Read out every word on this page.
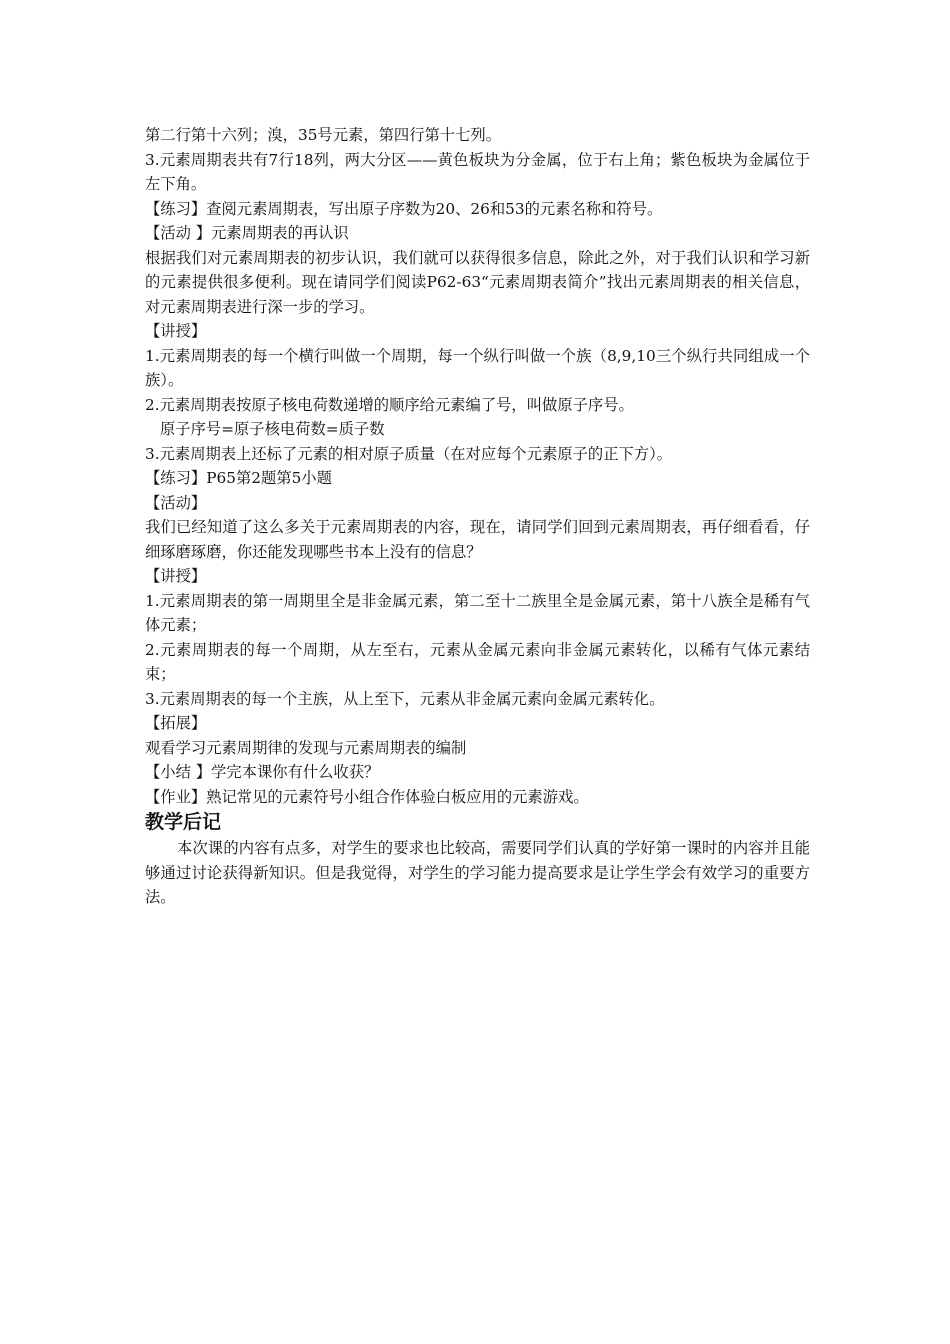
第二行第十六列；溴，35号元素，第四行第十七列。

3.元素周期表共有7行18列，两大分区——黄色板块为分金属，位于右上角；紫色板块为金属位于左下角。

【练习】查阅元素周期表，写出原子序数为20、26和53的元素名称和符号。

【活动 】元素周期表的再认识

根据我们对元素周期表的初步认识，我们就可以获得很多信息，除此之外，对于我们认识和学习新的元素提供很多便利。现在请同学们阅读P62-63“元素周期表简介”找出元素周期表的相关信息，对元素周期表进行深一步的学习。

【讲授】

1.元素周期表的每一个横行叫做一个周期，每一个纵行叫做一个族（8,9,10三个纵行共同组成一个族）。

2.元素周期表按原子核电荷数递增的顺序给元素编了号，叫做原子序号。

原子序号=原子核电荷数=质子数

3.元素周期表上还标了元素的相对原子质量（在对应每个元素原子的正下方）。

【练习】P65第2题第5小题

【活动】

我们已经知道了这么多关于元素周期表的内容，现在，请同学们回到元素周期表，再仔细看看，仔细琢磨琢磨，你还能发现哪些书本上没有的信息？

【讲授】

1.元素周期表的第一周期里全是非金属元素，第二至十二族里全是金属元素，第十八族全是稀有气体元素；

2.元素周期表的每一个周期，从左至右，元素从金属元素向非金属元素转化，以稀有气体元素结束；

3.元素周期表的每一个主族，从上至下，元素从非金属元素向金属元素转化。

【拓展】

观看学习元素周期律的发现与元素周期表的编制

【小结 】学完本课你有什么收获？

【作业】熟记常见的元素符号小组合作体验白板应用的元素游戏。

教学后记

本次课的内容有点多，对学生的要求也比较高，需要同学们认真的学好第一课时的内容并且能够通过讨论获得新知识。但是我觉得，对学生的学习能力提高要求是让学生学会有效学习的重要方法。
